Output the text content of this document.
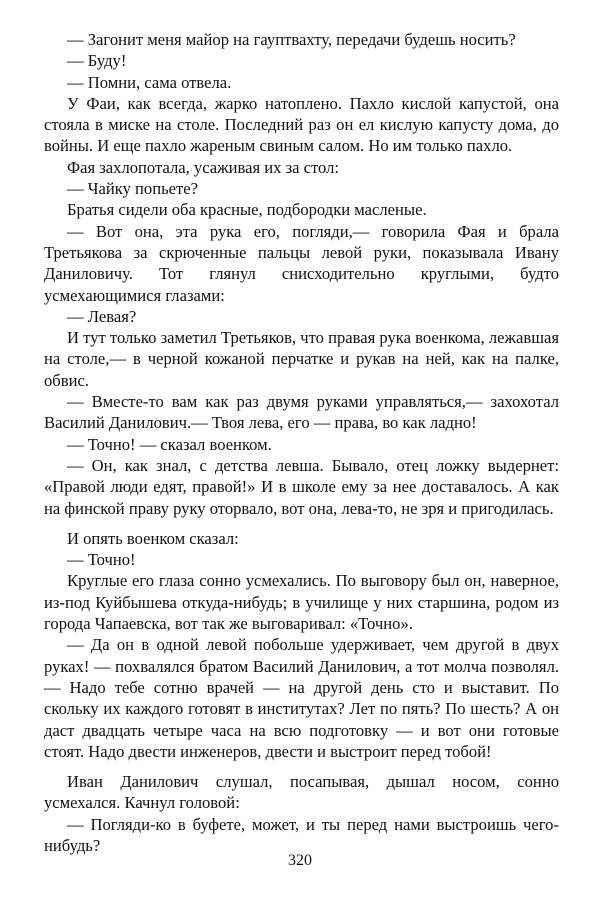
— Загонит меня майор на гауптвахту, передачи будешь носить?

— Буду!

— Помни, сама отвела.

У Фаи, как всегда, жарко натоплено. Пахло кислой капустой, она стояла в миске на столе. Последний раз он ел кислую капусту дома, до войны. И еще пахло жареным свиным салом. Но им только пахло.

Фая захлопотала, усаживая их за стол:

— Чайку попьете?

Братья сидели оба красные, подбородки масленые.

— Вот она, эта рука его, погляди,— говорила Фая и брала Третьякова за скрюченные пальцы левой руки, показывала Ивану Даниловичу. Тот глянул снисходительно круглыми, будто усмехающимися глазами:

— Левая?

И тут только заметил Третьяков, что правая рука военкома, лежавшая на столе,— в черной кожаной перчатке и рукав на ней, как на палке, обвис.

— Вместе-то вам как раз двумя руками управляться,— захохотал Василий Данилович.— Твоя лева, его — права, во как ладно!

— Точно! — сказал военком.

— Он, как знал, с детства левша. Бывало, отец ложку выдернет: «Правой люди едят, правой!» И в школе ему за нее доставалось. А как на финской праву руку оторвало, вот она, лева-то, не зря и пригодилась.

И опять военком сказал:

— Точно!

Круглые его глаза сонно усмехались. По выговору был он, наверное, из-под Куйбышева откуда-нибудь; в училище у них старшина, родом из города Чапаевска, вот так же выговаривал: «Точно».

— Да он в одной левой побольше удерживает, чем другой в двух руках! — похвалялся братом Василий Данилович, а тот молча позволял.— Надо тебе сотню врачей — на другой день сто и выставит. По скольку их каждого готовят в институтах? Лет по пять? По шесть? А он даст двадцать четыре часа на всю подготовку — и вот они готовые стоят. Надо двести инженеров, двести и выстроит перед тобой!

Иван Данилович слушал, посапывая, дышал носом, сонно усмехался. Качнул головой:

— Погляди-ко в буфете, может, и ты перед нами выстроишь чего-нибудь?

320
